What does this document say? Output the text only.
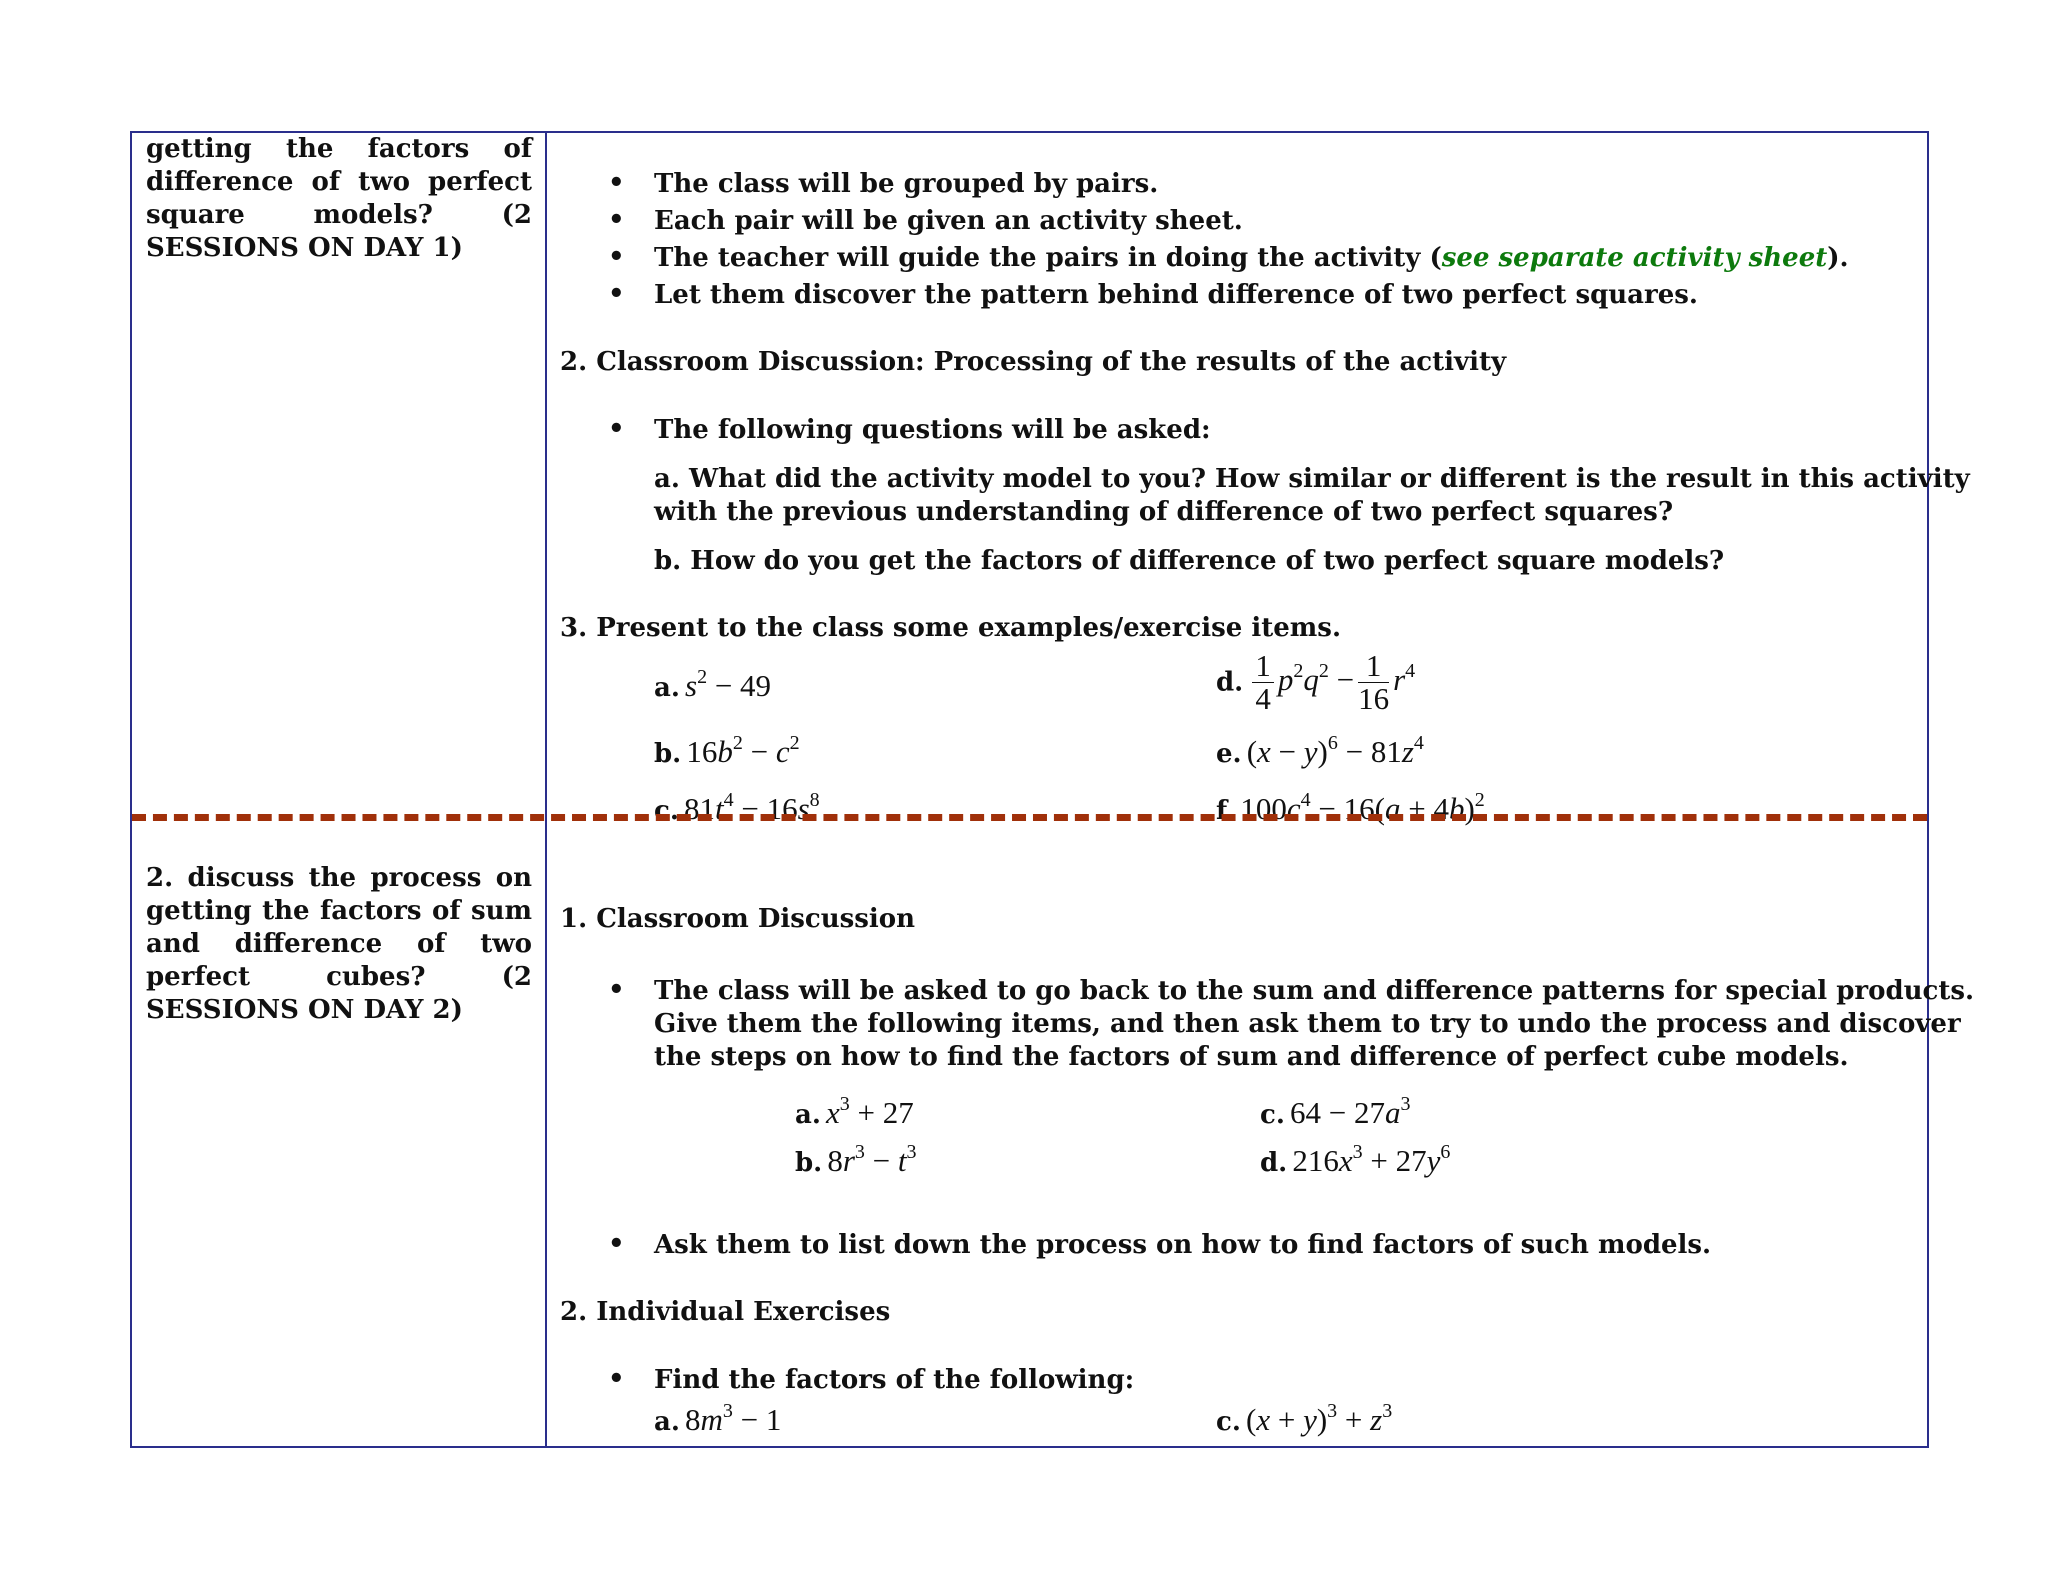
getting the factors of difference of two perfect square models? (2 SESSIONS ON DAY 1)
2. discuss the process on getting the factors of sum and difference of two perfect cubes? (2 SESSIONS ON DAY 2)
• The class will be grouped by pairs.
• Each pair will be given an activity sheet.
• The teacher will guide the pairs in doing the activity (see separate activity sheet).
• Let them discover the pattern behind difference of two perfect squares.
2. Classroom Discussion: Processing of the results of the activity
• The following questions will be asked:
a. What did the activity model to you? How similar or different is the result in this activity
with the previous understanding of difference of two perfect squares?
b. How do you get the factors of difference of two perfect square models?
3. Present to the class some examples/exercise items.
a. $s^2 - 49$
b. $16b^2 - c^2$
c. $81t^4 - 16s^8$
d. $\frac{1}{4} p^2q^2 - \frac{1}{16} r^4$
e. $(x - y)^6 - 81z^4$
f. $100c^4 - 16(a + 4b)^2$
1. Classroom Discussion
• The class will be asked to go back to the sum and difference patterns for special products.
Give them the following items, and then ask them to try to undo the process and discover
the steps on how to find the factors of sum and difference of perfect cube models.
a. $x^3 + 27$
b. $8r^3 - t^3$
c. $64 - 27a^3$
d. $216x^3 + 27y^6$
• Ask them to list down the process on how to find factors of such models.
2. Individual Exercises
• Find the factors of the following:
a. $8m^3 - 1$	c. $(x + y)^3 + z^3$
